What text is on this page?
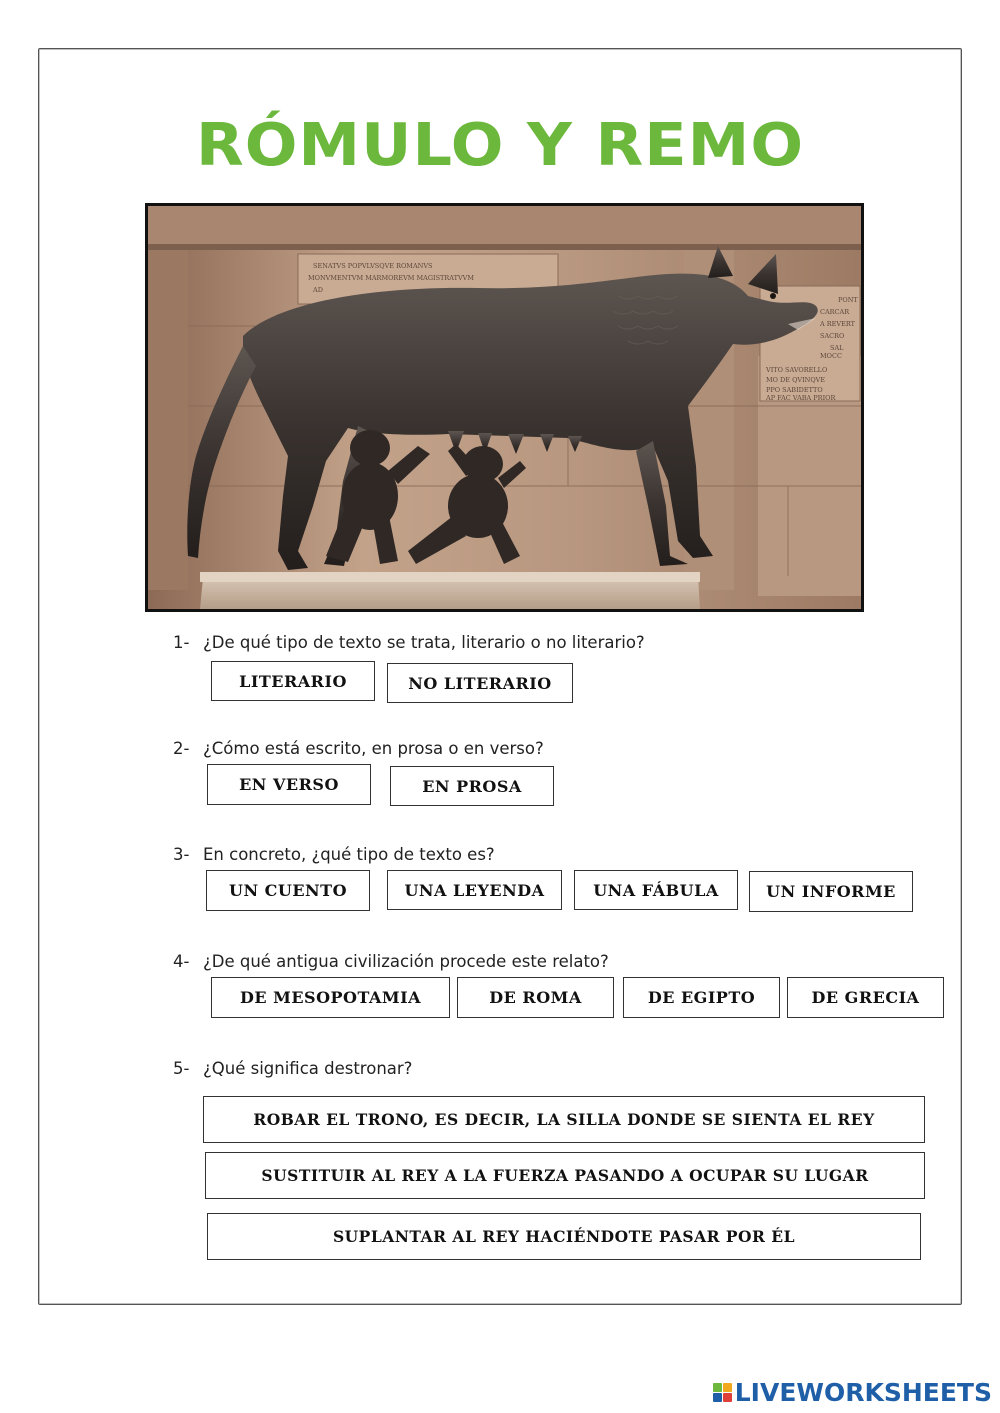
RÓMULO Y REMO
SENATVS POPVLVSQVE ROMANVS
MONVMENTVM MARMOREVM MAGISTRATVVM
AD
PONT
CARCAR
A REVERT
SACRO
SAL
MOCC
VITO SAVORELLO
MO DE QVINQVE
PPO SABIDETTO
AP FAC VABA PRIOR
1- ¿De qué tipo de texto se trata, literario o no literario?
LITERARIO	NO LITERARIO
2- ¿Cómo está escrito, en prosa o en verso?
EN VERSO	EN PROSA
3- En concreto, ¿qué tipo de texto es?
UN CUENTO	UNA LEYENDA	UNA FÁBULA	UN INFORME
4- ¿De qué antigua civilización procede este relato?
DE MESOPOTAMIA	DE ROMA	DE EGIPTO	DE GRECIA
5- ¿Qué significa destronar?
ROBAR EL TRONO, ES DECIR, LA SILLA DONDE SE SIENTA EL REY
SUSTITUIR AL REY A LA FUERZA PASANDO A OCUPAR SU LUGAR
SUPLANTAR AL REY HACIÉNDOTE PASAR POR ÉL
LIVEWORKSHEETS
